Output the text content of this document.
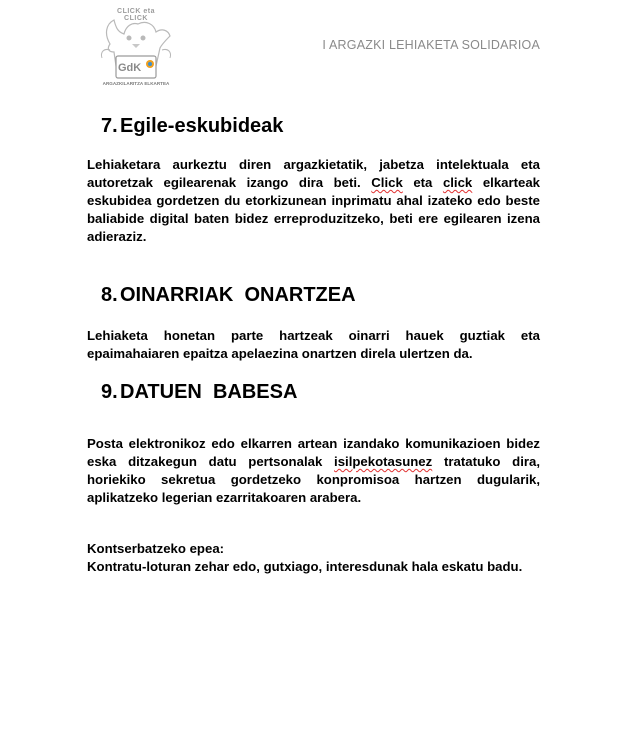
CLICK eta CLICK
GdK
ARGAZKILARITZA ELKARTEA
I ARGAZKI LEHIAKETA SOLIDARIOA
7. Egile-eskubideak
Lehiaketara aurkeztu diren argazkietatik, jabetza intelektuala eta autoretzak egilearenak izango dira beti. Click eta click elkarteak eskubidea gordetzen du etorkizunean inprimatu ahal izateko edo beste baliabide digital baten bidez erreproduzitzeko, beti ere egilearen izena adieraziz.
8. OINARRIAK  ONARTZEA
Lehiaketa honetan parte hartzeak oinarri hauek guztiak eta epaimahaiaren epaitza apelaezina onartzen direla ulertzen da.
9. DATUEN  BABESA
Posta elektronikoz edo elkarren artean izandako komunikazioen bidez eska ditzakegun datu pertsonalak isilpekotasunez tratatuko dira, horiekiko sekretua gordetzeko konpromisoa hartzen dugularik, aplikatzeko legerian ezarritakoaren arabera.
Kontserbatzeko epea:
Kontratu-loturan zehar edo, gutxiago, interesdunak hala eskatu badu.
